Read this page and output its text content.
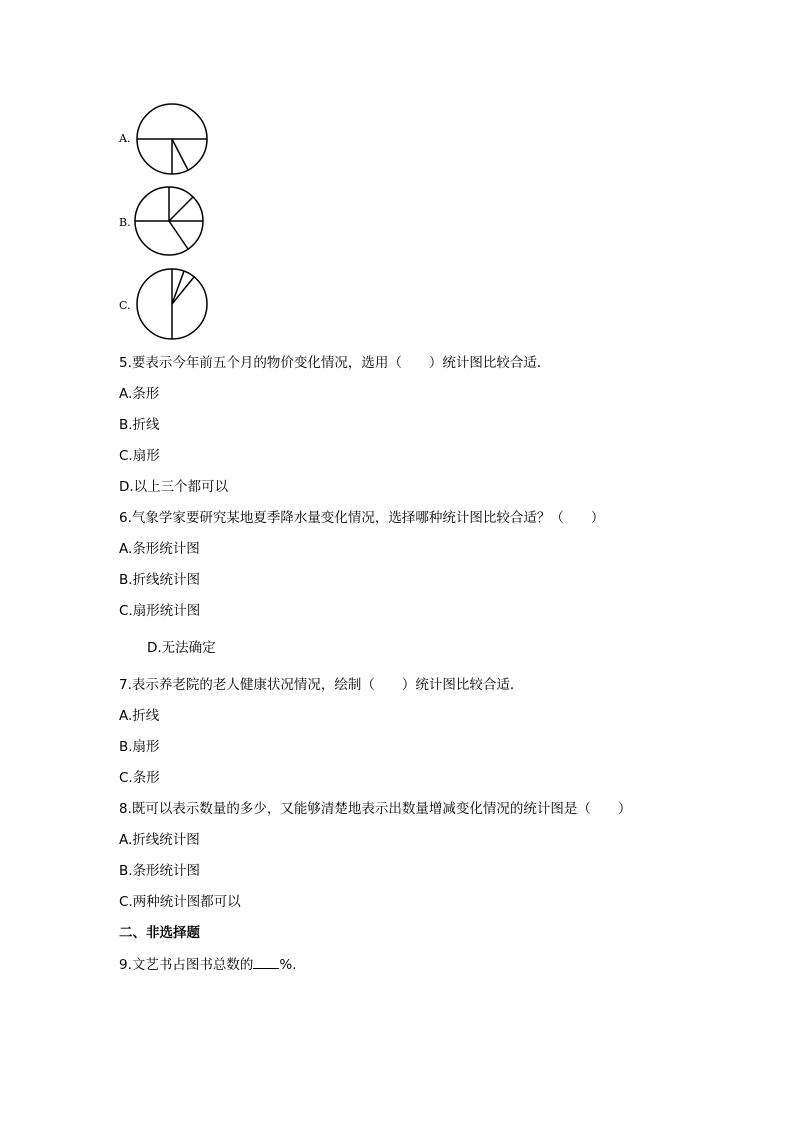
A.
B.
C.
5.要表示今年前五个月的物价变化情况，选用（　　）统计图比较合适．
A.条形
B.折线
C.扇形
D.以上三个都可以
6.气象学家要研究某地夏季降水量变化情况，选择哪种统计图比较合适？（　　）
A.条形统计图
B.折线统计图
C.扇形统计图
D.无法确定
7.表示养老院的老人健康状况情况，绘制（　　）统计图比较合适．
A.折线
B.扇形
C.条形
8.既可以表示数量的多少，又能够清楚地表示出数量增减变化情况的统计图是（　　）
A.折线统计图
B.条形统计图
C.两种统计图都可以
二、非选择题
9.文艺书占图书总数的 %.
